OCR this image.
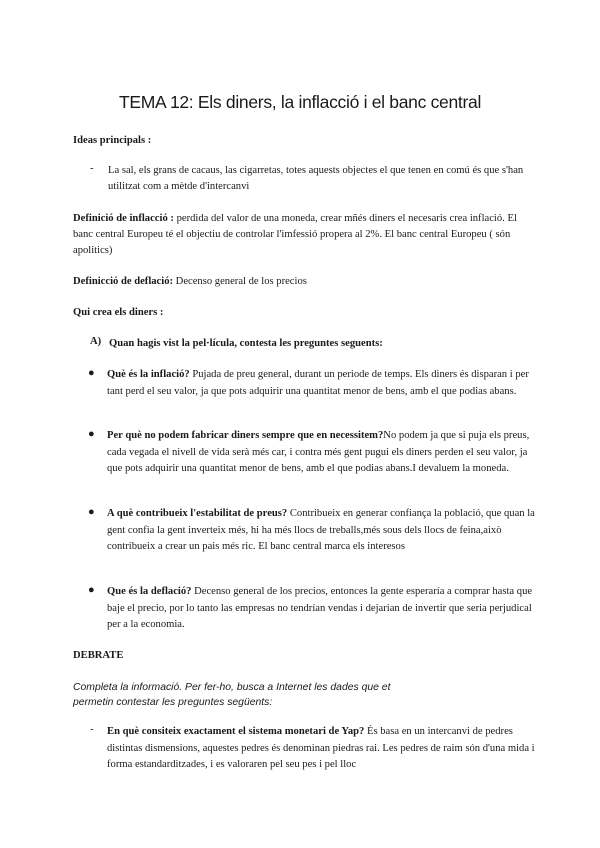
TEMA 12: Els diners, la inflacció i el banc central

Ideas principals :

- La sal, els grans de cacaus, las cigarretas, totes aquests objectes el que tenen en comú és que s'han utilitzat com a mètde d'intercanvi

Definició de inflacció : perdida del valor de una moneda, crear mñés diners el necesaris crea inflació. El banc central Europeu té el objectiu de controlar l'imfessió propera al 2%. El banc central Europeu ( són apolitics)

Definicció de deflació: Decenso general de los precios

Qui crea els diners :

A) Quan hagis vist la pel·lícula, contesta les preguntes seguents:

● Què és la inflació? Pujada de preu general, durant un periode de temps. Els diners és disparan i per tant perd el seu valor, ja que pots adquirir una quantitat menor de bens, amb el que podias abans.

● Per què no podem fabricar diners sempre que en necessitem?No podem ja que si puja els preus, cada vegada el nivell de vida serà més car, i contra més gent pugui els diners perden el seu valor, ja que pots adquirir una quantitat menor de bens, amb el que podias abans.I devaluem la moneda.

● A què contribueix l'estabilitat de preus? Contribueix en generar confiança la població, que quan la gent confia la gent inverteix més, hi ha més llocs de treballs,més sous dels llocs de feina,això contribueix a crear un pais més ric. El banc central marca els interesos

● Que és la deflació? Decenso general de los precios, entonces la gente esperaría a comprar hasta que baje el precio, por lo tanto las empresas no tendrían vendas i dejarian de invertir que seria perjudical per a la economia.

DEBRATE

Completa la informació. Per fer-ho, busca a Internet les dades que et

permetin contestar les preguntes següents:

- En què consiteix exactament el sistema monetari de Yap? És basa en un intercanvi de pedres distintas dismensions, aquestes pedres és denominan piedras rai. Les pedres de raim són d'una mida i forma estandarditzades, i es valoraren pel seu pes i pel lloc
